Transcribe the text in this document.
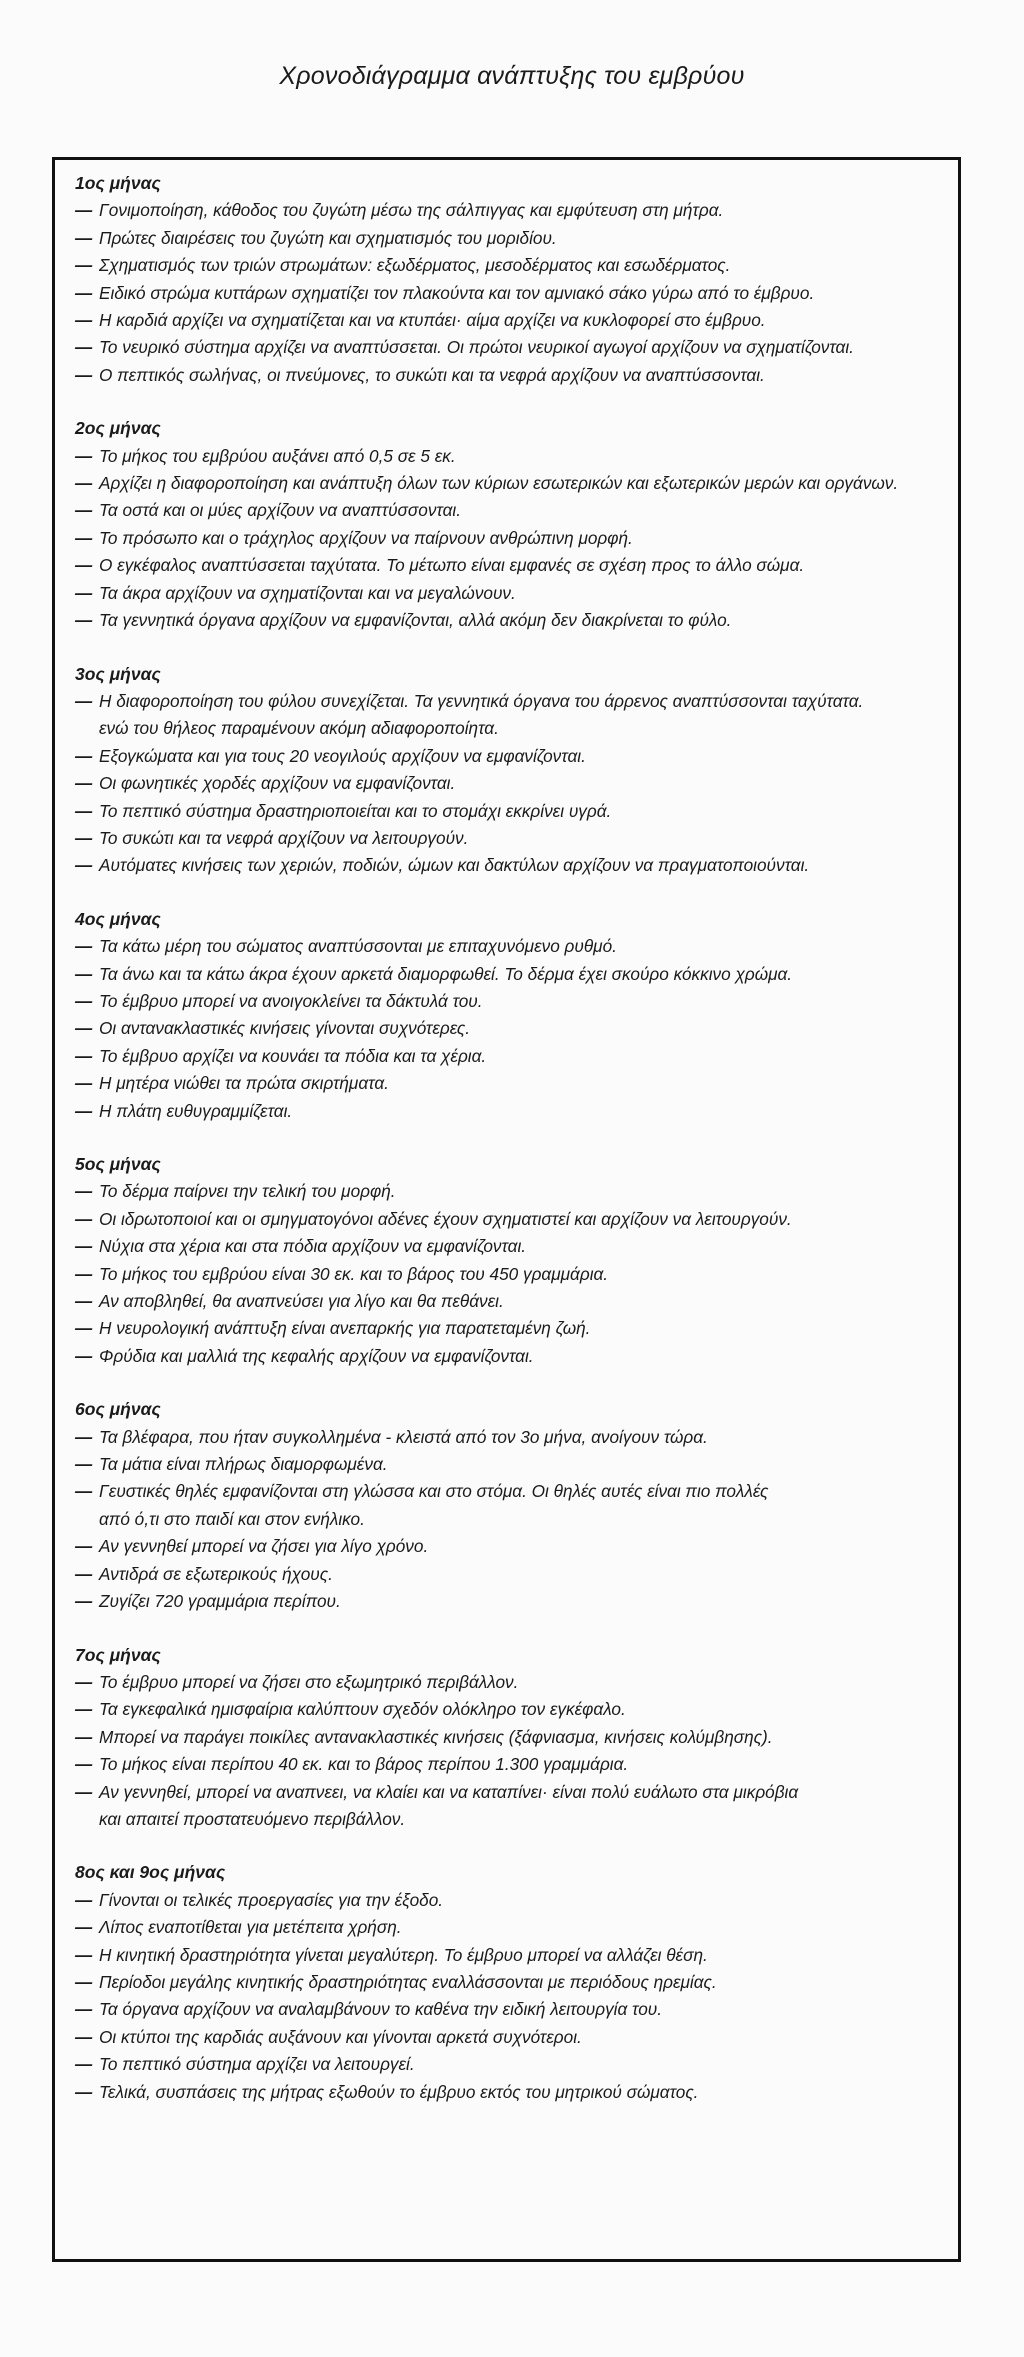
Χρονοδιάγραμμα ανάπτυξης του εμβρύου
1ος μήνας
— Γονιμοποίηση, κάθοδος του ζυγώτη μέσω της σάλπιγγας και εμφύτευση στη μήτρα.
— Πρώτες διαιρέσεις του ζυγώτη και σχηματισμός του μοριδίου.
— Σχηματισμός των τριών στρωμάτων: εξωδέρματος, μεσοδέρματος και εσωδέρματος.
— Ειδικό στρώμα κυττάρων σχηματίζει τον πλακούντα και τον αμνιακό σάκο γύρω από το έμβρυο.
— Η καρδιά αρχίζει να σχηματίζεται και να κτυπάει· αίμα αρχίζει να κυκλοφορεί στο έμβρυο.
— Το νευρικό σύστημα αρχίζει να αναπτύσσεται. Οι πρώτοι νευρικοί αγωγοί αρχίζουν να σχηματίζονται.
— Ο πεπτικός σωλήνας, οι πνεύμονες, το συκώτι και τα νεφρά αρχίζουν να αναπτύσσονται.
2ος μήνας
— Το μήκος του εμβρύου αυξάνει από 0,5 σε 5 εκ.
— Αρχίζει η διαφοροποίηση και ανάπτυξη όλων των κύριων εσωτερικών και εξωτερικών μερών και οργάνων.
— Τα οστά και οι μύες αρχίζουν να αναπτύσσονται.
— Το πρόσωπο και ο τράχηλος αρχίζουν να παίρνουν ανθρώπινη μορφή.
— Ο εγκέφαλος αναπτύσσεται ταχύτατα. Το μέτωπο είναι εμφανές σε σχέση προς το άλλο σώμα.
— Τα άκρα αρχίζουν να σχηματίζονται και να μεγαλώνουν.
— Τα γεννητικά όργανα αρχίζουν να εμφανίζονται, αλλά ακόμη δεν διακρίνεται το φύλο.
3ος μήνας
— Η διαφοροποίηση του φύλου συνεχίζεται. Τα γεννητικά όργανα του άρρενος αναπτύσσονται ταχύτατα.
ενώ του θήλεος παραμένουν ακόμη αδιαφοροποίητα.
— Εξογκώματα και για τους 20 νεογιλούς αρχίζουν να εμφανίζονται.
— Οι φωνητικές χορδές αρχίζουν να εμφανίζονται.
— Το πεπτικό σύστημα δραστηριοποιείται και το στομάχι εκκρίνει υγρά.
— Το συκώτι και τα νεφρά αρχίζουν να λειτουργούν.
— Αυτόματες κινήσεις των χεριών, ποδιών, ώμων και δακτύλων αρχίζουν να πραγματοποιούνται.
4ος μήνας
— Τα κάτω μέρη του σώματος αναπτύσσονται με επιταχυνόμενο ρυθμό.
— Τα άνω και τα κάτω άκρα έχουν αρκετά διαμορφωθεί. Το δέρμα έχει σκούρο κόκκινο χρώμα.
— Το έμβρυο μπορεί να ανοιγοκλείνει τα δάκτυλά του.
— Οι αντανακλαστικές κινήσεις γίνονται συχνότερες.
— Το έμβρυο αρχίζει να κουνάει τα πόδια και τα χέρια.
— Η μητέρα νιώθει τα πρώτα σκιρτήματα.
— Η πλάτη ευθυγραμμίζεται.
5ος μήνας
— Το δέρμα παίρνει την τελική του μορφή.
— Οι ιδρωτοποιοί και οι σμηγματογόνοι αδένες έχουν σχηματιστεί και αρχίζουν να λειτουργούν.
— Νύχια στα χέρια και στα πόδια αρχίζουν να εμφανίζονται.
— Το μήκος του εμβρύου είναι 30 εκ. και το βάρος του 450 γραμμάρια.
— Αν αποβληθεί, θα αναπνεύσει για λίγο και θα πεθάνει.
— Η νευρολογική ανάπτυξη είναι ανεπαρκής για παρατεταμένη ζωή.
— Φρύδια και μαλλιά της κεφαλής αρχίζουν να εμφανίζονται.
6ος μήνας
— Τα βλέφαρα, που ήταν συγκολλημένα - κλειστά από τον 3ο μήνα, ανοίγουν τώρα.
— Τα μάτια είναι πλήρως διαμορφωμένα.
— Γευστικές θηλές εμφανίζονται στη γλώσσα και στο στόμα. Οι θηλές αυτές είναι πιο πολλές
από ό,τι στο παιδί και στον ενήλικο.
— Αν γεννηθεί μπορεί να ζήσει για λίγο χρόνο.
— Αντιδρά σε εξωτερικούς ήχους.
— Ζυγίζει 720 γραμμάρια περίπου.
7ος μήνας
— Το έμβρυο μπορεί να ζήσει στο εξωμητρικό περιβάλλον.
— Τα εγκεφαλικά ημισφαίρια καλύπτουν σχεδόν ολόκληρο τον εγκέφαλο.
— Μπορεί να παράγει ποικίλες αντανακλαστικές κινήσεις (ξάφνιασμα, κινήσεις κολύμβησης).
— Το μήκος είναι περίπου 40 εκ. και το βάρος περίπου 1.300 γραμμάρια.
— Αν γεννηθεί, μπορεί να αναπνεει, να κλαίει και να καταπίνει· είναι πολύ ευάλωτο στα μικρόβια
και απαιτεί προστατευόμενο περιβάλλον.
8ος και 9ος μήνας
— Γίνονται οι τελικές προεργασίες για την έξοδο.
— Λίπος εναποτίθεται για μετέπειτα χρήση.
— Η κινητική δραστηριότητα γίνεται μεγαλύτερη. Το έμβρυο μπορεί να αλλάζει θέση.
— Περίοδοι μεγάλης κινητικής δραστηριότητας εναλλάσσονται με περιόδους ηρεμίας.
— Τα όργανα αρχίζουν να αναλαμβάνουν το καθένα την ειδική λειτουργία του.
— Οι κτύποι της καρδιάς αυξάνουν και γίνονται αρκετά συχνότεροι.
— Το πεπτικό σύστημα αρχίζει να λειτουργεί.
— Τελικά, συσπάσεις της μήτρας εξωθούν το έμβρυο εκτός του μητρικού σώματος.
